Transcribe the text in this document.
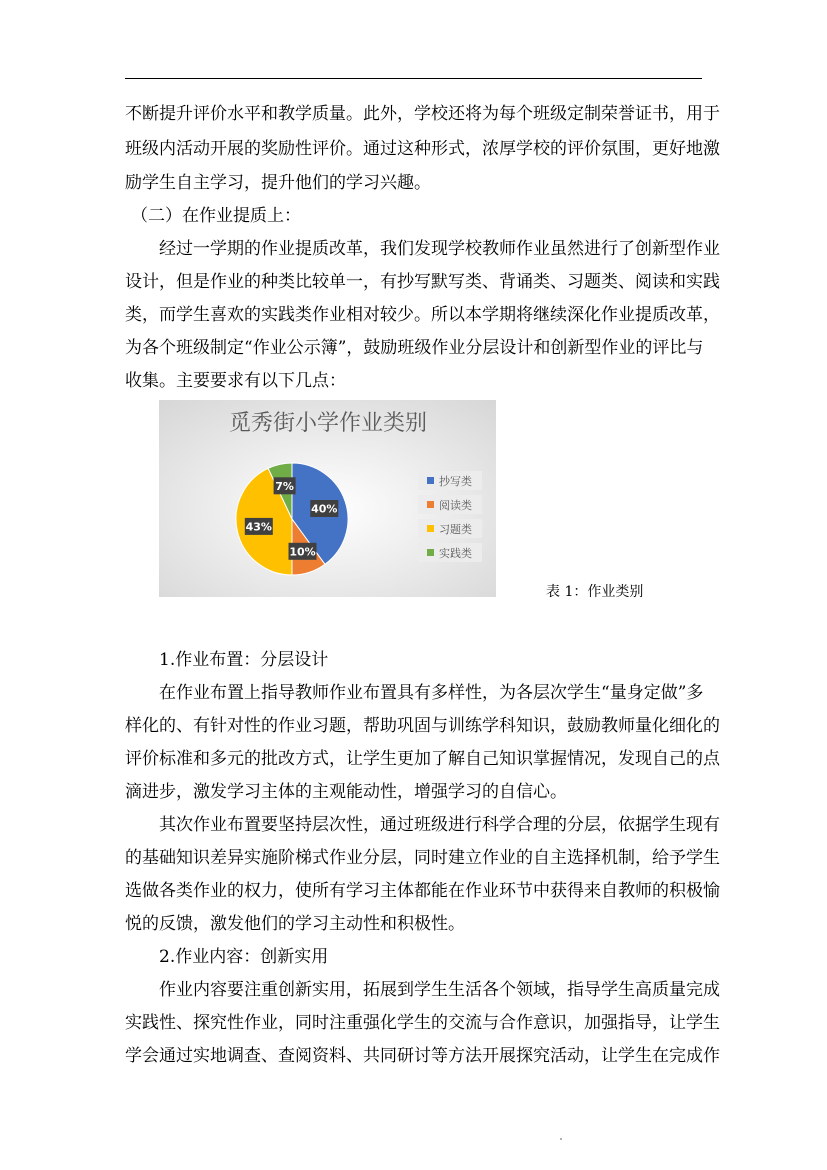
不断提升评价水平和教学质量。此外，学校还将为每个班级定制荣誉证书，用于
班级内活动开展的奖励性评价。通过这种形式，浓厚学校的评价氛围，更好地激
励学生自主学习，提升他们的学习兴趣。
（二）在作业提质上：
经过一学期的作业提质改革，我们发现学校教师作业虽然进行了创新型作业
设计，但是作业的种类比较单一，有抄写默写类、背诵类、习题类、阅读和实践
类，而学生喜欢的实践类作业相对较少。所以本学期将继续深化作业提质改革，
为各个班级制定“作业公示簿”，鼓励班级作业分层设计和创新型作业的评比与
收集。主要要求有以下几点：
觅秀街小学作业类别
40%
10%
43%
7%	抄写类
阅读类
习题类
实践类
表 1：作业类别
1.作业布置：分层设计
在作业布置上指导教师作业布置具有多样性，为各层次学生“量身定做”多
样化的、有针对性的作业习题，帮助巩固与训练学科知识，鼓励教师量化细化的
评价标准和多元的批改方式，让学生更加了解自己知识掌握情况，发现自己的点
滴进步，激发学习主体的主观能动性，增强学习的自信心。
其次作业布置要坚持层次性，通过班级进行科学合理的分层，依据学生现有
的基础知识差异实施阶梯式作业分层，同时建立作业的自主选择机制，给予学生
选做各类作业的权力，使所有学习主体都能在作业环节中获得来自教师的积极愉
悦的反馈，激发他们的学习主动性和积极性。
2.作业内容：创新实用
作业内容要注重创新实用，拓展到学生生活各个领域，指导学生高质量完成
实践性、探究性作业，同时注重强化学生的交流与合作意识，加强指导，让学生
学会通过实地调查、查阅资料、共同研讨等方法开展探究活动，让学生在完成作
